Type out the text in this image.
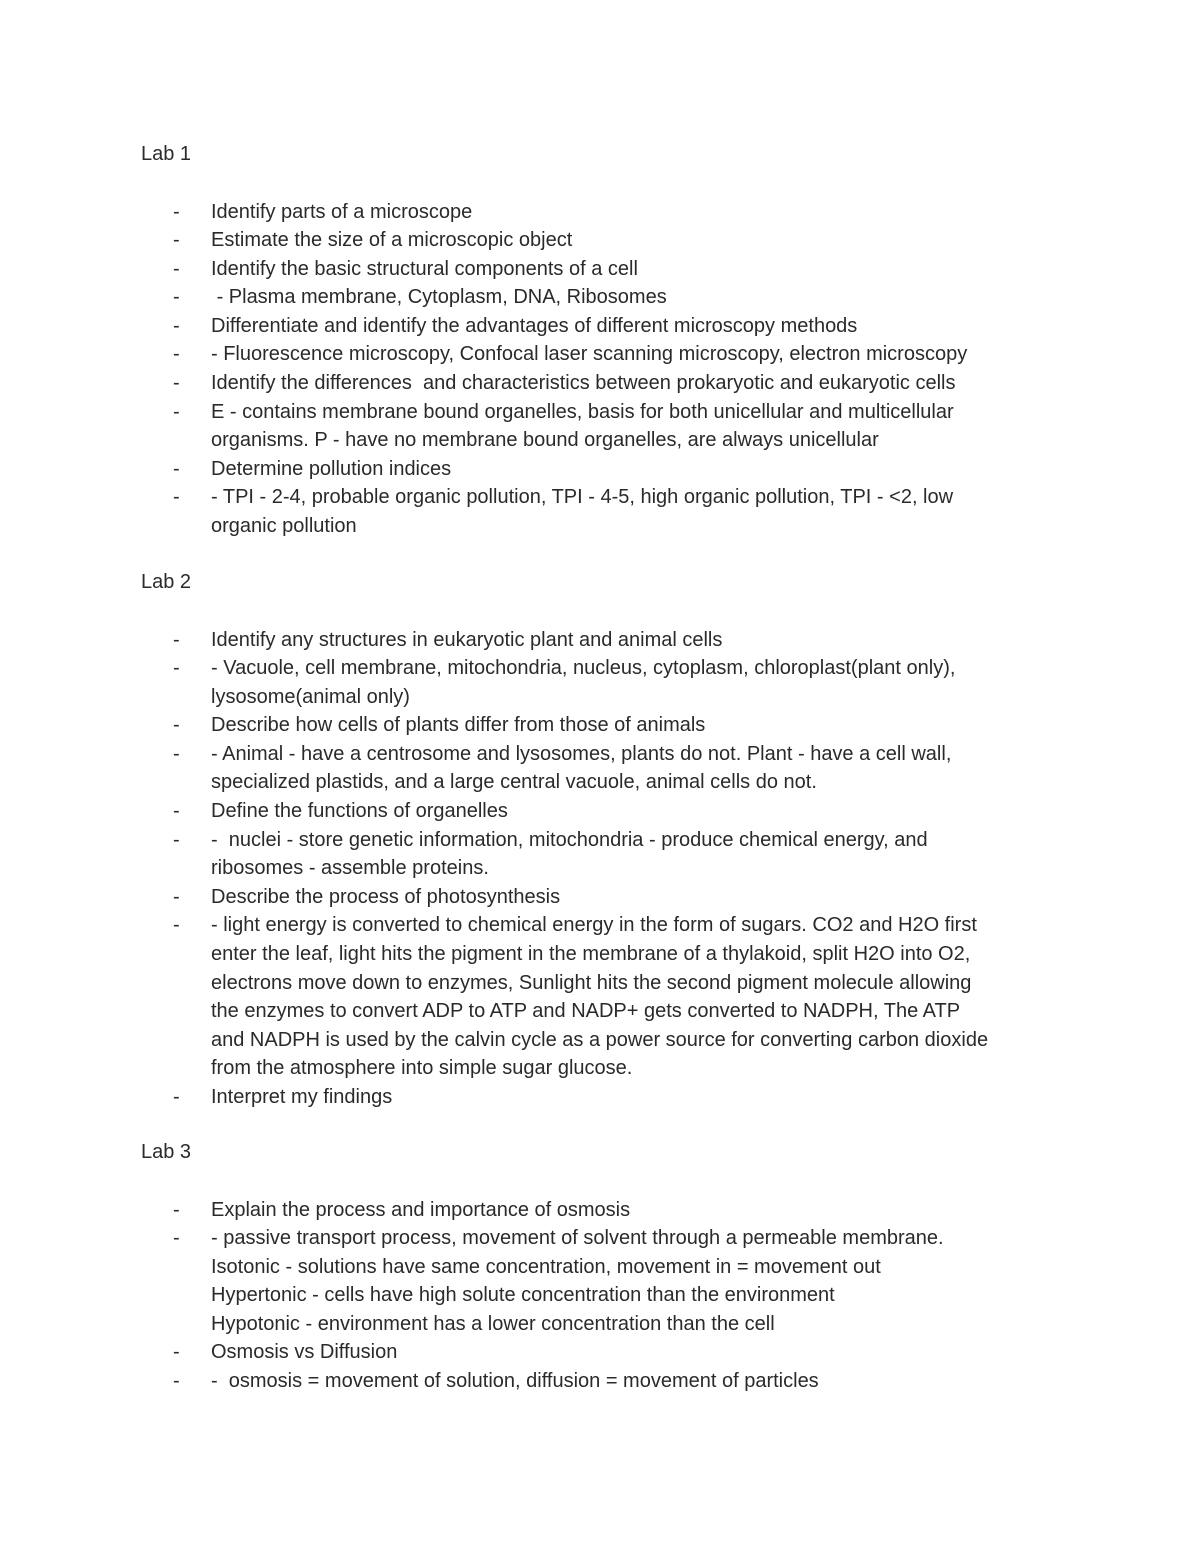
Lab 1
-	Identify parts of a microscope
-	Estimate the size of a microscopic object
-	Identify the basic structural components of a cell
-	- Plasma membrane, Cytoplasm, DNA, Ribosomes
-	Differentiate and identify the advantages of different microscopy methods
-	- Fluorescence microscopy, Confocal laser scanning microscopy, electron microscopy
-	Identify the differences  and characteristics between prokaryotic and eukaryotic cells
-	E - contains membrane bound organelles, basis for both unicellular and multicellular
organisms. P - have no membrane bound organelles, are always unicellular
-	Determine pollution indices
-	- TPI - 2-4, probable organic pollution, TPI - 4-5, high organic pollution, TPI - <2, low
organic pollution
Lab 2
-	Identify any structures in eukaryotic plant and animal cells
-	- Vacuole, cell membrane, mitochondria, nucleus, cytoplasm, chloroplast(plant only),
lysosome(animal only)
-	Describe how cells of plants differ from those of animals
-	- Animal - have a centrosome and lysosomes, plants do not. Plant - have a cell wall,
specialized plastids, and a large central vacuole, animal cells do not.
-	Define the functions of organelles
-	-  nuclei - store genetic information, mitochondria - produce chemical energy, and
ribosomes - assemble proteins.
-	Describe the process of photosynthesis
-	- light energy is converted to chemical energy in the form of sugars. CO2 and H2O first
enter the leaf, light hits the pigment in the membrane of a thylakoid, split H2O into O2,
electrons move down to enzymes, Sunlight hits the second pigment molecule allowing
the enzymes to convert ADP to ATP and NADP+ gets converted to NADPH, The ATP
and NADPH is used by the calvin cycle as a power source for converting carbon dioxide
from the atmosphere into simple sugar glucose.
-	Interpret my findings
Lab 3
-	Explain the process and importance of osmosis
-	- passive transport process, movement of solvent through a permeable membrane.
Isotonic - solutions have same concentration, movement in = movement out
Hypertonic - cells have high solute concentration than the environment
Hypotonic - environment has a lower concentration than the cell
-	Osmosis vs Diffusion
-	-  osmosis = movement of solution, diffusion = movement of particles
